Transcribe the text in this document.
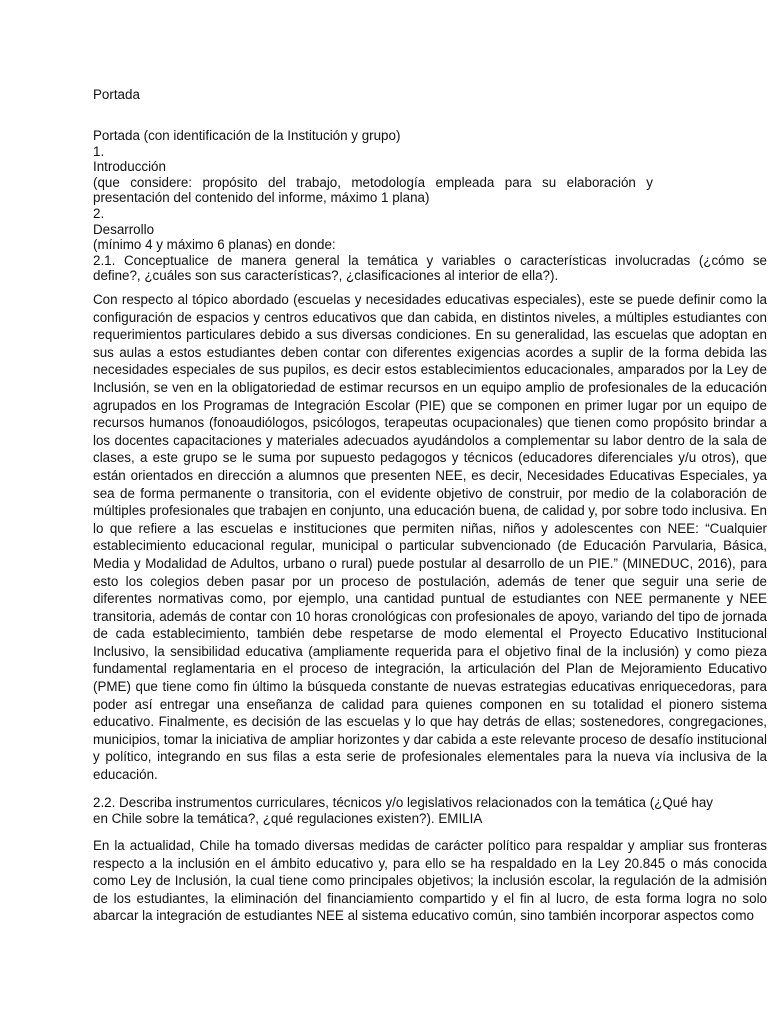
Portada
Portada (con identificación de la Institución y grupo)
1.
Introducción
(que considere: propósito del trabajo, metodología empleada para su elaboración y
presentación del contenido del informe, máximo 1 plana)
2.
Desarrollo
(mínimo 4 y máximo 6 planas) en donde:
2.1. Conceptualice de manera general la temática y variables o características involucradas (¿cómo se
define?, ¿cuáles son sus características?, ¿clasificaciones al interior de ella?).
Con respecto al tópico abordado (escuelas y necesidades educativas especiales), este se puede definir como la configuración de espacios y centros educativos que dan cabida, en distintos niveles, a múltiples estudiantes con requerimientos particulares debido a sus diversas condiciones. En su generalidad, las escuelas que adoptan en sus aulas a estos estudiantes deben contar con diferentes exigencias acordes a suplir de la forma debida las necesidades especiales de sus pupilos, es decir estos establecimientos educacionales, amparados por la Ley de Inclusión, se ven en la obligatoriedad de estimar recursos en un equipo amplio de profesionales de la educación agrupados en los Programas de Integración Escolar (PIE) que se componen en primer lugar por un equipo de recursos humanos (fonoaudiólogos, psicólogos, terapeutas ocupacionales) que tienen como propósito brindar a los docentes capacitaciones y materiales adecuados ayudándolos a complementar su labor dentro de la sala de clases, a este grupo se le suma por supuesto pedagogos y técnicos (educadores diferenciales y/u otros), que están orientados en dirección a alumnos que presenten NEE, es decir, Necesidades Educativas Especiales, ya sea de forma permanente o transitoria, con el evidente objetivo de construir, por medio de la colaboración de múltiples profesionales que trabajen en conjunto, una educación buena, de calidad y, por sobre todo inclusiva. En lo que refiere a las escuelas e instituciones que permiten niñas, niños y adolescentes con NEE: “Cualquier establecimiento educacional regular, municipal o particular subvencionado (de Educación Parvularia, Básica, Media y Modalidad de Adultos, urbano o rural) puede postular al desarrollo de un PIE.” (MINEDUC, 2016), para esto los colegios deben pasar por un proceso de postulación, además de tener que seguir una serie de diferentes normativas como, por ejemplo, una cantidad puntual de estudiantes con NEE permanente y NEE transitoria, además de contar con 10 horas cronológicas con profesionales de apoyo, variando del tipo de jornada de cada establecimiento, también debe respetarse de modo elemental el Proyecto Educativo Institucional Inclusivo, la sensibilidad educativa (ampliamente requerida para el objetivo final de la inclusión) y como pieza fundamental reglamentaria en el proceso de integración, la articulación del Plan de Mejoramiento Educativo (PME) que tiene como fin último la búsqueda constante de nuevas estrategias educativas enriquecedoras, para poder así entregar una enseñanza de calidad para quienes componen en su totalidad el pionero sistema educativo. Finalmente, es decisión de las escuelas y lo que hay detrás de ellas; sostenedores, congregaciones, municipios, tomar la iniciativa de ampliar horizontes y dar cabida a este relevante proceso de desafío institucional y político, integrando en sus filas a esta serie de profesionales elementales para la nueva vía inclusiva de la educación.
2.2. Describa instrumentos curriculares, técnicos y/o legislativos relacionados con la temática (¿Qué hay
en Chile sobre la temática?, ¿qué regulaciones existen?). EMILIA
En la actualidad, Chile ha tomado diversas medidas de carácter político para respaldar y ampliar sus fronteras respecto a la inclusión en el ámbito educativo y, para ello se ha respaldado en la Ley 20.845 o más conocida como Ley de Inclusión, la cual tiene como principales objetivos; la inclusión escolar, la regulación de la admisión de los estudiantes, la eliminación del financiamiento compartido y el fin al lucro, de esta forma logra no solo abarcar la integración de estudiantes NEE al sistema educativo común, sino también incorporar aspectos como
